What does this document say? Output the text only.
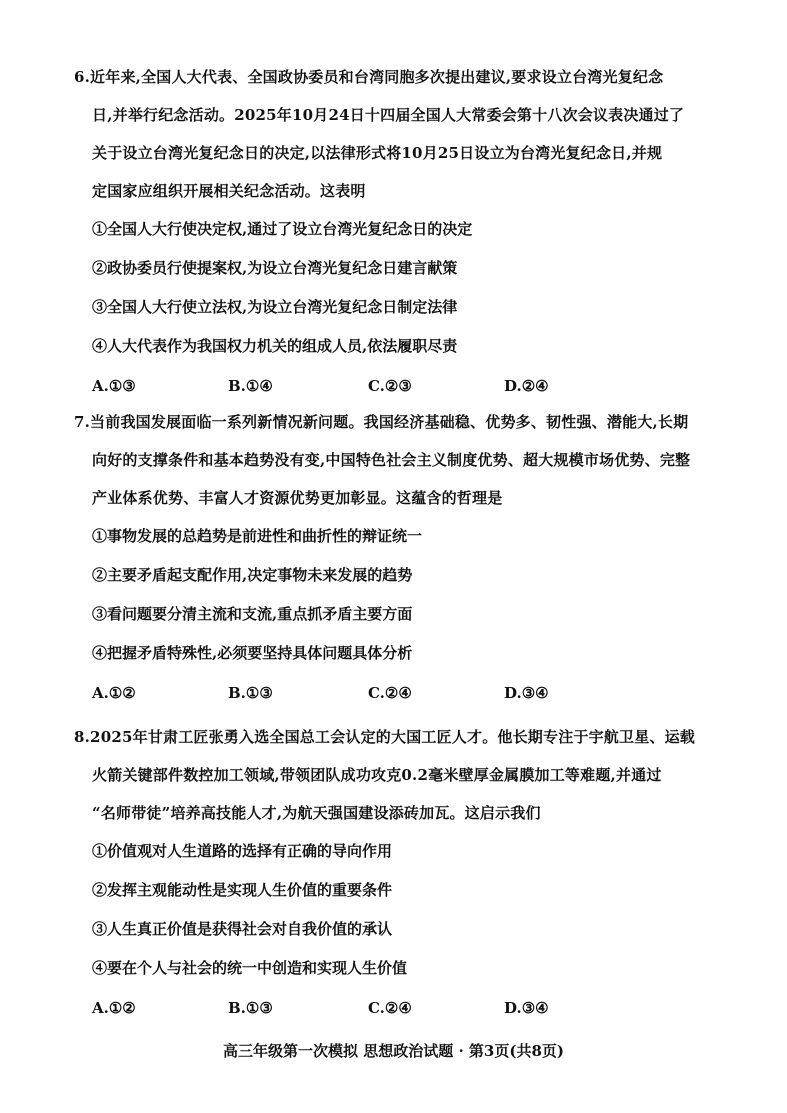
6.近年来,全国人大代表、全国政协委员和台湾同胞多次提出建议,要求设立台湾光复纪念
日,并举行纪念活动。2025年10月24日十四届全国人大常委会第十八次会议表决通过了
关于设立台湾光复纪念日的决定,以法律形式将10月25日设立为台湾光复纪念日,并规
定国家应组织开展相关纪念活动。这表明
①全国人大行使决定权,通过了设立台湾光复纪念日的决定
②政协委员行使提案权,为设立台湾光复纪念日建言献策
③全国人大行使立法权,为设立台湾光复纪念日制定法律
④人大代表作为我国权力机关的组成人员,依法履职尽责
A.①③	B.①④	C.②③	D.②④
7.当前我国发展面临一系列新情况新问题。我国经济基础稳、优势多、韧性强、潜能大,长期
向好的支撑条件和基本趋势没有变,中国特色社会主义制度优势、超大规模市场优势、完整
产业体系优势、丰富人才资源优势更加彰显。这蕴含的哲理是
①事物发展的总趋势是前进性和曲折性的辩证统一
②主要矛盾起支配作用,决定事物未来发展的趋势
③看问题要分清主流和支流,重点抓矛盾主要方面
④把握矛盾特殊性,必须要坚持具体问题具体分析
A.①②	B.①③	C.②④	D.③④
8.2025年甘肃工匠张勇入选全国总工会认定的大国工匠人才。他长期专注于宇航卫星、运载
火箭关键部件数控加工领域,带领团队成功攻克0.2毫米壁厚金属膜加工等难题,并通过
“名师带徒”培养高技能人才,为航天强国建设添砖加瓦。这启示我们
①价值观对人生道路的选择有正确的导向作用
②发挥主观能动性是实现人生价值的重要条件
③人生真正价值是获得社会对自我价值的承认
④要在个人与社会的统一中创造和实现人生价值
A.①②	B.①③	C.②④	D.③④
高三年级第一次模拟 思想政治试题 · 第3页(共8页)
